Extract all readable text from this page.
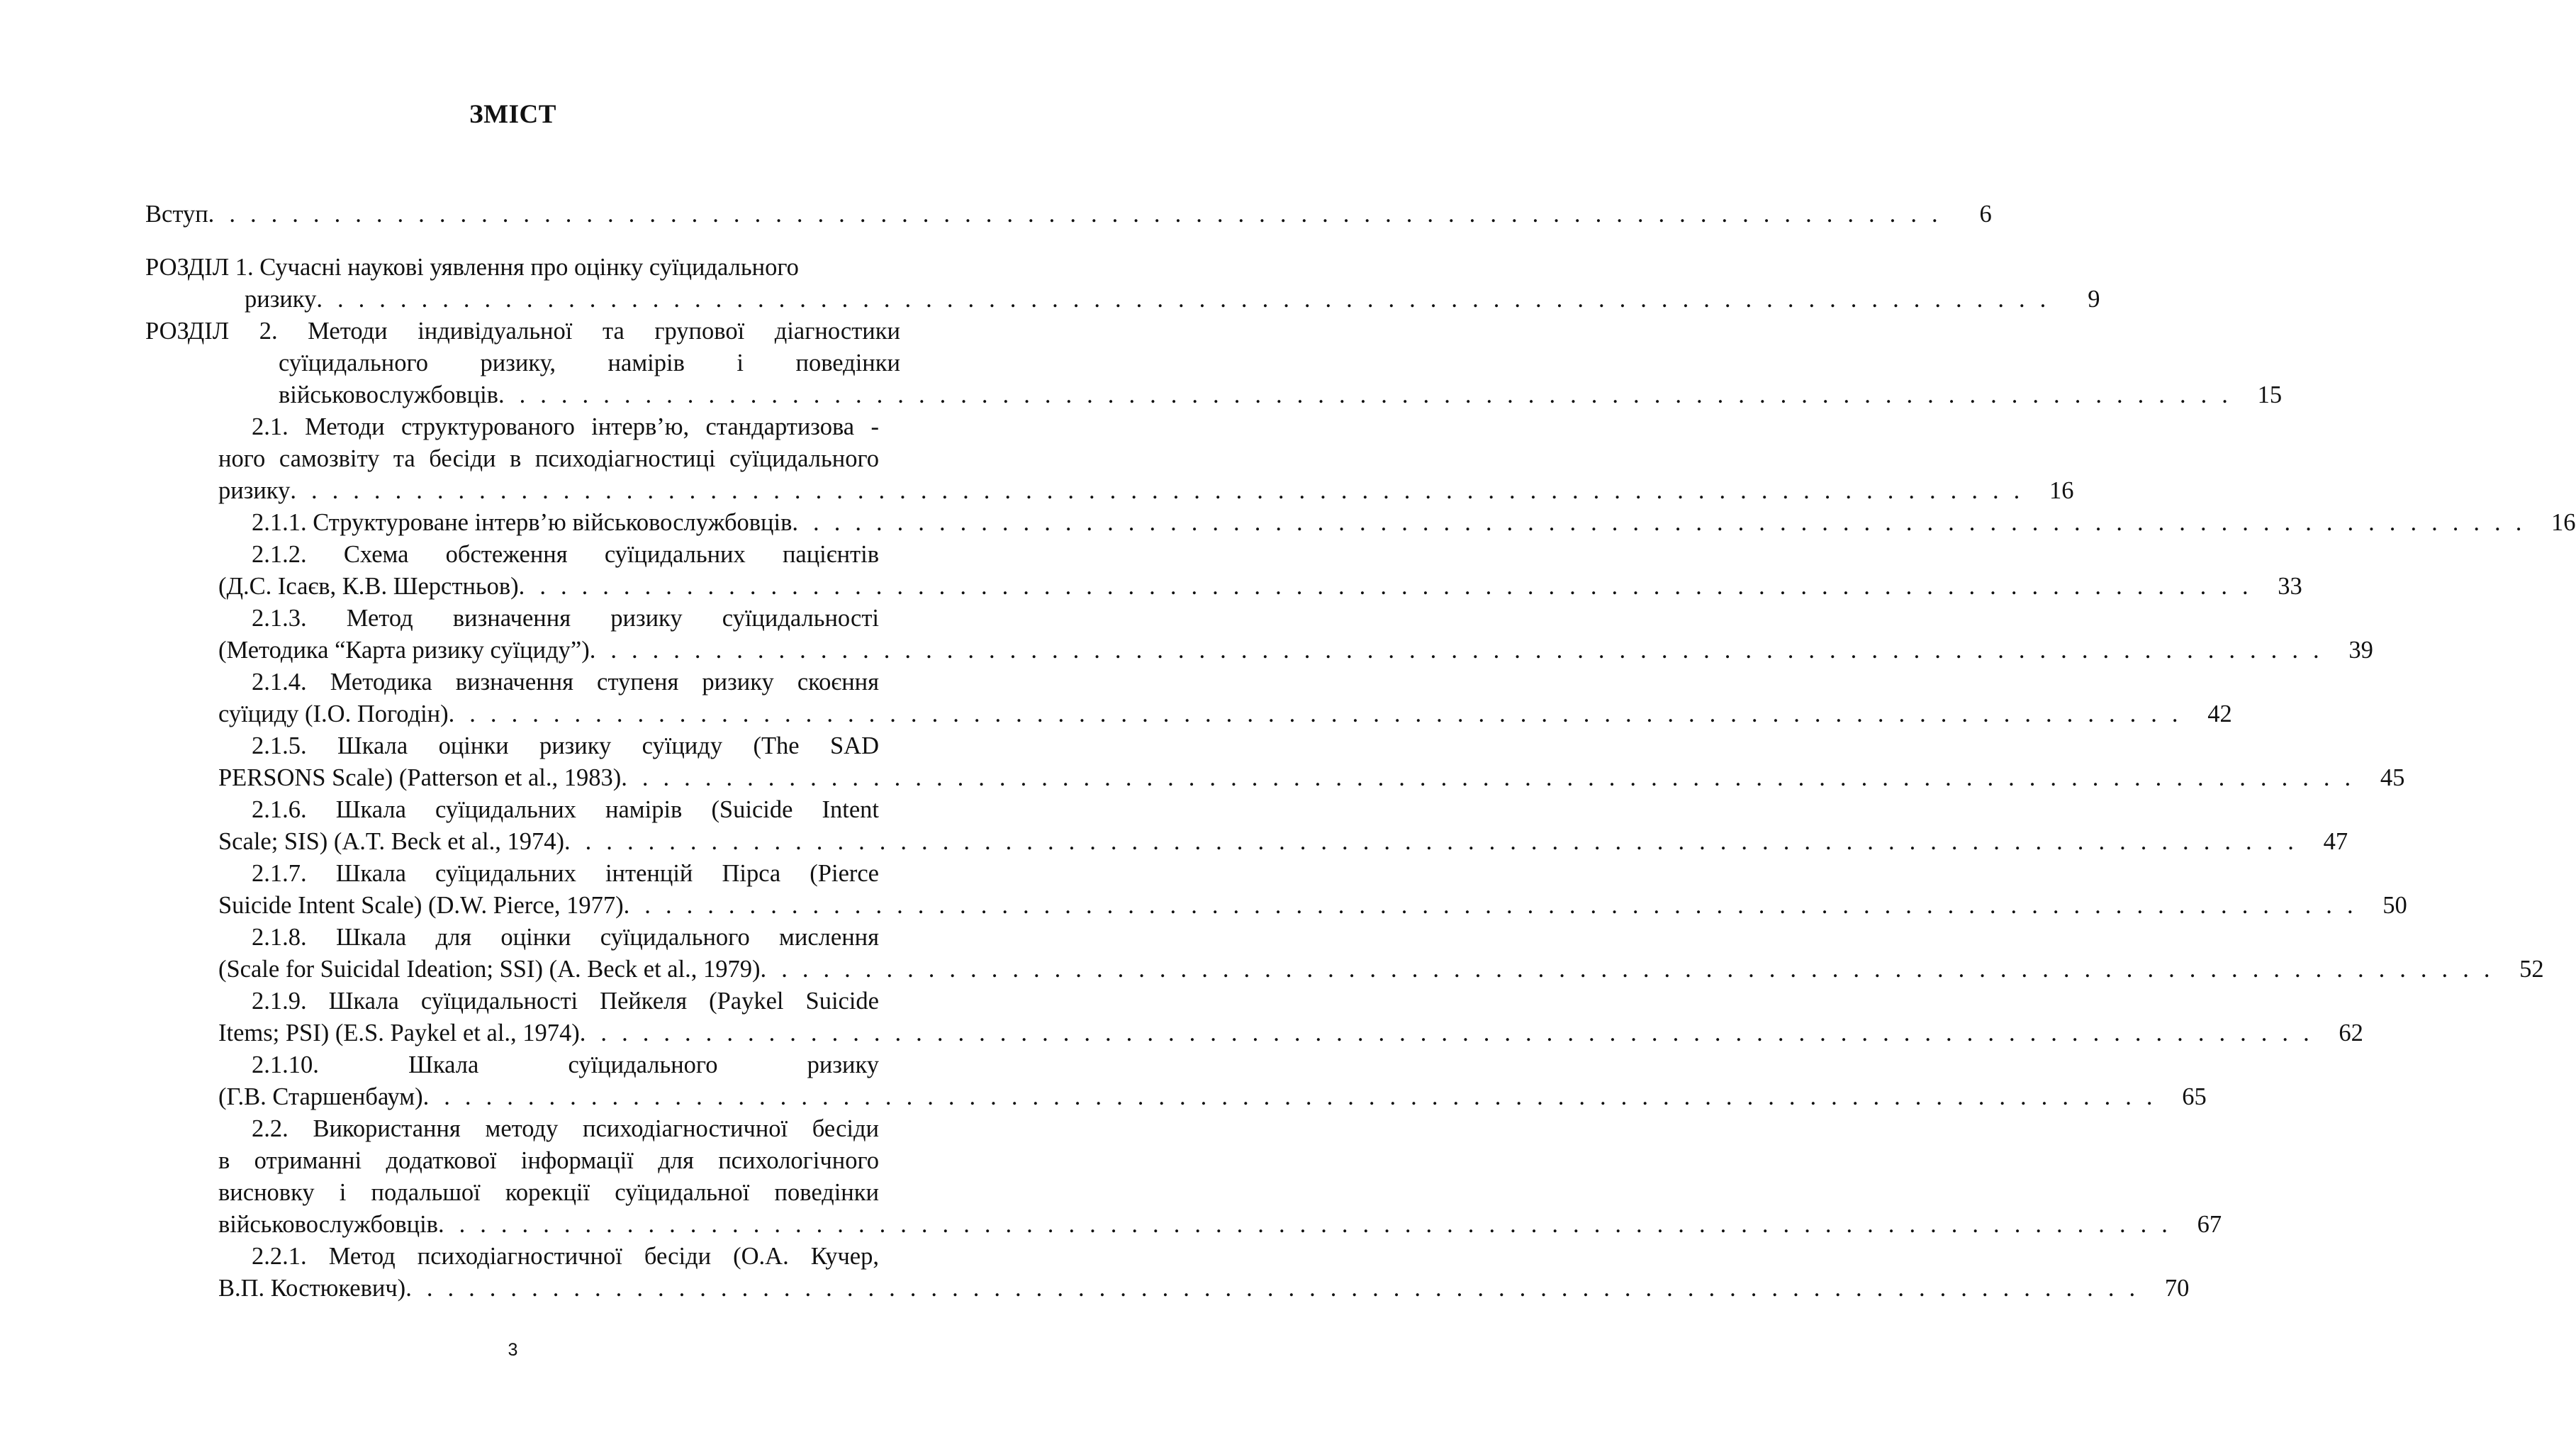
ЗМІСТ
Вступ . . . . . . . . . . . . . . . . . . . . . . . . . . . . . . . . . . . . . . . . . . . . . . . . . . . . . . . . . . . . . . . . . . . . . . . . . . . . . . . . . . .	6
РОЗДІЛ 1. Сучасні наукові уявлення про оцінку суїцидального
ризику . . . . . . . . . . . . . . . . . . . . . . . . . . . . . . . . . . . . . . . . . . . . . . . . . . . . . . . . . . . . . . . . . . . . . . . . . . . . . . . . . . .	9
РОЗДІЛ 2. Методи індивідуальної та групової діагностики
суїцидального ризику, намірів і поведінки
військовослужбовців . . . . . . . . . . . . . . . . . . . . . . . . . . . . . . . . . . . . . . . . . . . . . . . . . . . . . . . . . . . . . . . . . . . . . . . . . . . . . . . . . . .	15
2.1. Методи структурованого інтерв’ю, стандартизова -
ного самозвіту та бесіди в психодіагностиці суїцидального
ризику . . . . . . . . . . . . . . . . . . . . . . . . . . . . . . . . . . . . . . . . . . . . . . . . . . . . . . . . . . . . . . . . . . . . . . . . . . . . . . . . . . .	16
2.1.1. Структуроване інтерв’ю військовослужбовців . . . . . . . . . . . . . . . . . . . . . . . . . . . . . . . . . . . . . . . . . . . . . . . . . . . . . . . . . . . . . . . . . . . . . . . . . . . . . . . . . . .	16
2.1.2. Схема обстеження суїцидальних пацієнтів
(Д.С. Ісаєв, К.В. Шерстньов) . . . . . . . . . . . . . . . . . . . . . . . . . . . . . . . . . . . . . . . . . . . . . . . . . . . . . . . . . . . . . . . . . . . . . . . . . . . . . . . . . . .	33
2.1.3. Метод визначення ризику суїцидальності
(Методика “Карта ризику суїциду”) . . . . . . . . . . . . . . . . . . . . . . . . . . . . . . . . . . . . . . . . . . . . . . . . . . . . . . . . . . . . . . . . . . . . . . . . . . . . . . . . . . .	39
2.1.4. Методика визначення ступеня ризику скоєння
суїциду (І.О. Погодін) . . . . . . . . . . . . . . . . . . . . . . . . . . . . . . . . . . . . . . . . . . . . . . . . . . . . . . . . . . . . . . . . . . . . . . . . . . . . . . . . . . .	42
2.1.5. Шкала оцінки ризику суїциду (The SAD
PERSONS Scale) (Patterson et al., 1983) . . . . . . . . . . . . . . . . . . . . . . . . . . . . . . . . . . . . . . . . . . . . . . . . . . . . . . . . . . . . . . . . . . . . . . . . . . . . . . . . . . .	45
2.1.6. Шкала суїцидальних намірів (Suicide Intent
Scale; SIS) (A.T. Beck et al., 1974) . . . . . . . . . . . . . . . . . . . . . . . . . . . . . . . . . . . . . . . . . . . . . . . . . . . . . . . . . . . . . . . . . . . . . . . . . . . . . . . . . . .	47
2.1.7. Шкала суїцидальних інтенцій Пірса (Pierce
Suicide Intent Scale) (D.W. Pierce, 1977) . . . . . . . . . . . . . . . . . . . . . . . . . . . . . . . . . . . . . . . . . . . . . . . . . . . . . . . . . . . . . . . . . . . . . . . . . . . . . . . . . . .	50
2.1.8. Шкала для оцінки суїцидального мислення
(Scale for Suicidal Ideation; SSI) (A. Beck et al., 1979) . . . . . . . . . . . . . . . . . . . . . . . . . . . . . . . . . . . . . . . . . . . . . . . . . . . . . . . . . . . . . . . . . . . . . . . . . . . . . . . . . . .	52
2.1.9. Шкала суїцидальності Пейкеля (Paykel Suicide
Items; PSI) (E.S. Paykel et al., 1974) . . . . . . . . . . . . . . . . . . . . . . . . . . . . . . . . . . . . . . . . . . . . . . . . . . . . . . . . . . . . . . . . . . . . . . . . . . . . . . . . . . .	62
2.1.10. Шкала суїцидального ризику
(Г.В. Старшенбаум) . . . . . . . . . . . . . . . . . . . . . . . . . . . . . . . . . . . . . . . . . . . . . . . . . . . . . . . . . . . . . . . . . . . . . . . . . . . . . . . . . . .	65
2.2. Використання методу психодіагностичної бесіди
в отриманні додаткової інформації для психологічного
висновку і подальшої корекції суїцидальної поведінки
військовослужбовців . . . . . . . . . . . . . . . . . . . . . . . . . . . . . . . . . . . . . . . . . . . . . . . . . . . . . . . . . . . . . . . . . . . . . . . . . . . . . . . . . . .	67
2.2.1. Метод психодіагностичної бесіди (О.А. Кучер,
В.П. Костюкевич) . . . . . . . . . . . . . . . . . . . . . . . . . . . . . . . . . . . . . . . . . . . . . . . . . . . . . . . . . . . . . . . . . . . . . . . . . . . . . . . . . . .	70
3
